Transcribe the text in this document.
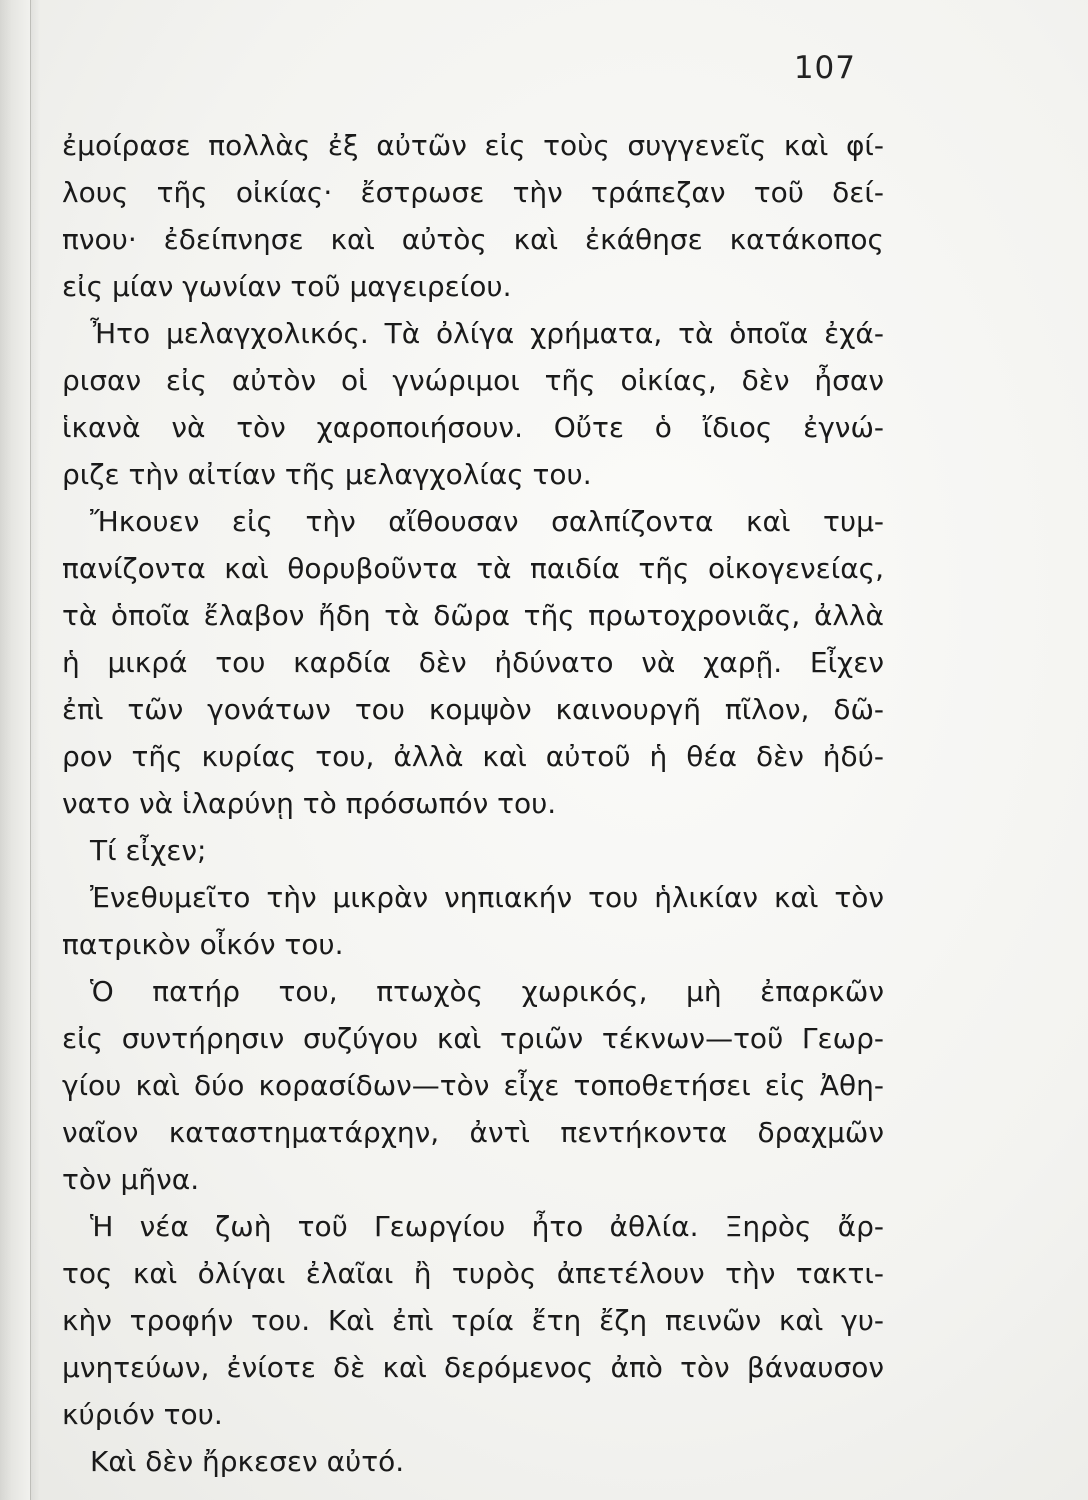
107
ἐμοίρασε πολλὰς ἐξ αὐτῶν εἰς τοὺς συγγενεῖς καὶ φί-
λους τῆς οἰκίας· ἔστρωσε τὴν τράπεζαν τοῦ δεί-
πνου· ἐδείπνησε καὶ αὐτὸς καὶ ἐκάθησε κατάκοπος
εἰς μίαν γωνίαν τοῦ μαγειρείου.
Ἦτο μελαγχολικός. Τὰ ὀλίγα χρήματα, τὰ ὁποῖα ἐχά-
ρισαν εἰς αὐτὸν οἱ γνώριμοι τῆς οἰκίας, δὲν ἦσαν
ἱκανὰ νὰ τὸν χαροποιήσουν. Οὔτε ὁ ἴδιος ἐγνώ-
ριζε τὴν αἰτίαν τῆς μελαγχολίας του.
Ἤκουεν εἰς τὴν αἴθουσαν σαλπίζοντα καὶ τυμ-
πανίζοντα καὶ θορυβοῦντα τὰ παιδία τῆς οἰκογενείας,
τὰ ὁποῖα ἔλαβον ἤδη τὰ δῶρα τῆς πρωτοχρονιᾶς, ἀλλὰ
ἡ μικρά του καρδία δὲν ἠδύνατο νὰ χαρῇ. Εἶχεν
ἐπὶ τῶν γονάτων του κομψὸν καινουργῆ πῖλον, δῶ-
ρον τῆς κυρίας του, ἀλλὰ καὶ αὐτοῦ ἡ θέα δὲν ἠδύ-
νατο νὰ ἱλαρύνῃ τὸ πρόσωπόν του.
Τί εἶχεν;
Ἐνεθυμεῖτο τὴν μικρὰν νηπιακήν του ἡλικίαν καὶ τὸν
πατρικὸν οἶκόν του.
Ὁ πατήρ του, πτωχὸς χωρικός, μὴ ἐπαρκῶν
εἰς συντήρησιν συζύγου καὶ τριῶν τέκνων—τοῦ Γεωρ-
γίου καὶ δύο κορασίδων—τὸν εἶχε τοποθετήσει εἰς Ἀθη-
ναῖον καταστηματάρχην, ἀντὶ πεντήκοντα δραχμῶν
τὸν μῆνα.
Ἡ νέα ζωὴ τοῦ Γεωργίου ἦτο ἀθλία. Ξηρὸς ἄρ-
τος καὶ ὀλίγαι ἐλαῖαι ἢ τυρὸς ἀπετέλουν τὴν τακτι-
κὴν τροφήν του. Καὶ ἐπὶ τρία ἔτη ἔζη πεινῶν καὶ γυ-
μνητεύων, ἐνίοτε δὲ καὶ δερόμενος ἀπὸ τὸν βάναυσον
κύριόν του.
Καὶ δὲν ἤρκεσεν αὐτό.
